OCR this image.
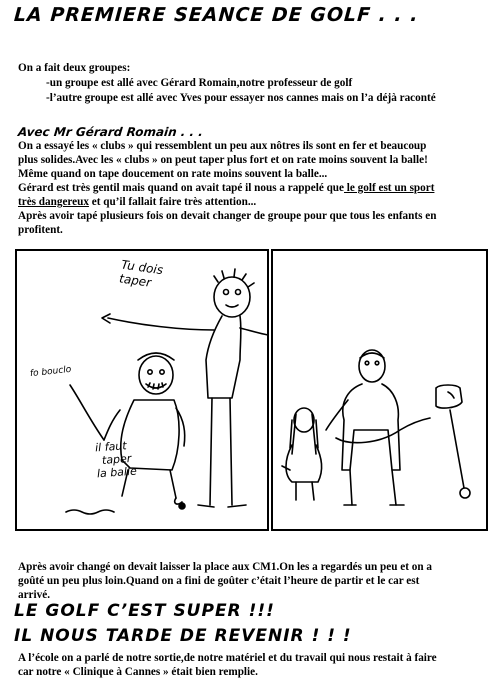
LA PREMIERE SEANCE DE GOLF . . .
On a fait deux groupes:
-un groupe est allé avec Gérard Romain,notre professeur de golf
-l’autre groupe est allé avec Yves pour essayer nos cannes mais on l’a déjà raconté
Avec Mr Gérard Romain . . .
On a essayé les « clubs » qui ressemblent un peu aux nôtres ils sont en fer et beaucoup
plus solides.Avec les « clubs » on peut taper plus fort et on rate moins souvent la balle!
Même quand on tape doucement on rate moins souvent la balle...
Gérard est très gentil mais quand on avait tapé il nous a rappelé que le golf est un sport
très dangereux et qu’il fallait faire très attention...
Après avoir tapé plusieurs fois on devait changer de groupe pour que tous les enfants en
profitent.
Tu dois taper
fo bouclo
il faut
taper
la balle
Après avoir changé on devait laisser la place aux CM1.On les a regardés un peu et on a
goûté un peu plus loin.Quand on a fini de goûter c’était l’heure de partir et le car est
arrivé.
LE GOLF C’EST SUPER !!!
IL NOUS TARDE DE REVENIR ! ! !
A l’école on a parlé de notre sortie,de notre matériel et du travail qui nous restait à faire
car notre « Clinique à Cannes » était bien remplie.
